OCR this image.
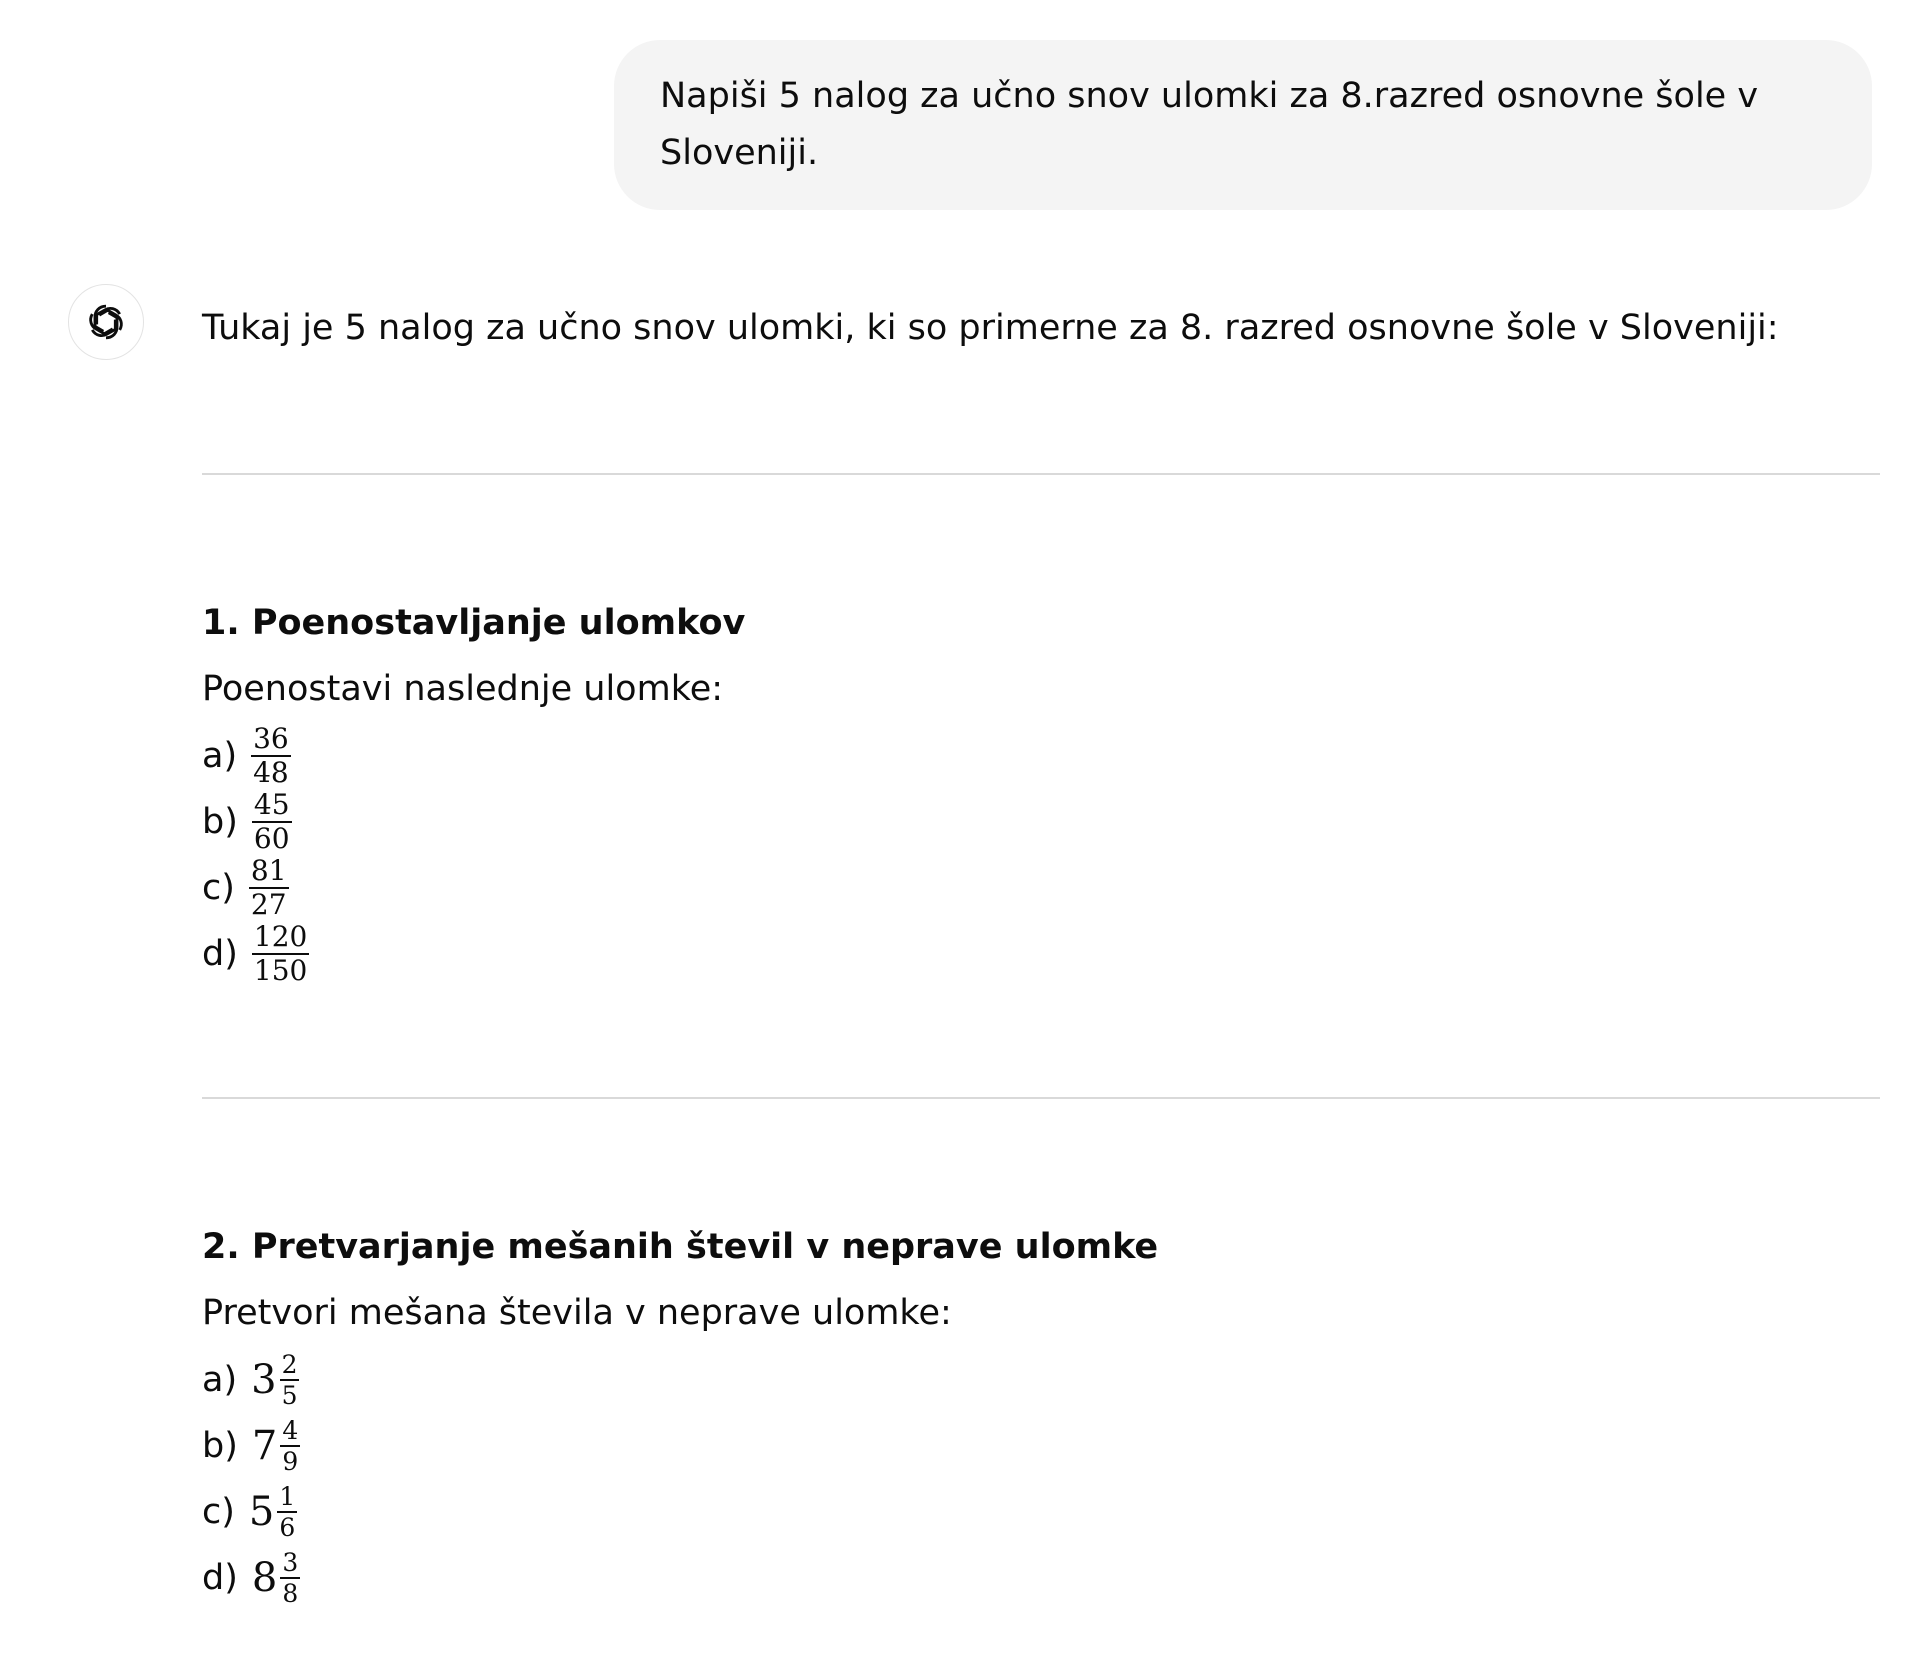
Napiši 5 nalog za učno snov ulomki za 8.razred osnovne šole v Sloveniji.
Tukaj je 5 nalog za učno snov ulomki, ki so primerne za 8. razred osnovne šole v Sloveniji:
1. Poenostavljanje ulomkov
Poenostavi naslednje ulomke:
$a) \frac{36}{48}$
$b) \frac{45}{60}$
$c) \frac{81}{27}$
$d) \frac{120}{150}$
2. Pretvarjanje mešanih števil v neprave ulomke
Pretvori mešana števila v neprave ulomke:
a) $3 \frac{2}{5}$
b) $7 \frac{4}{9}$
c) $5 \frac{1}{6}$
d) $8 \frac{3}{8}$
